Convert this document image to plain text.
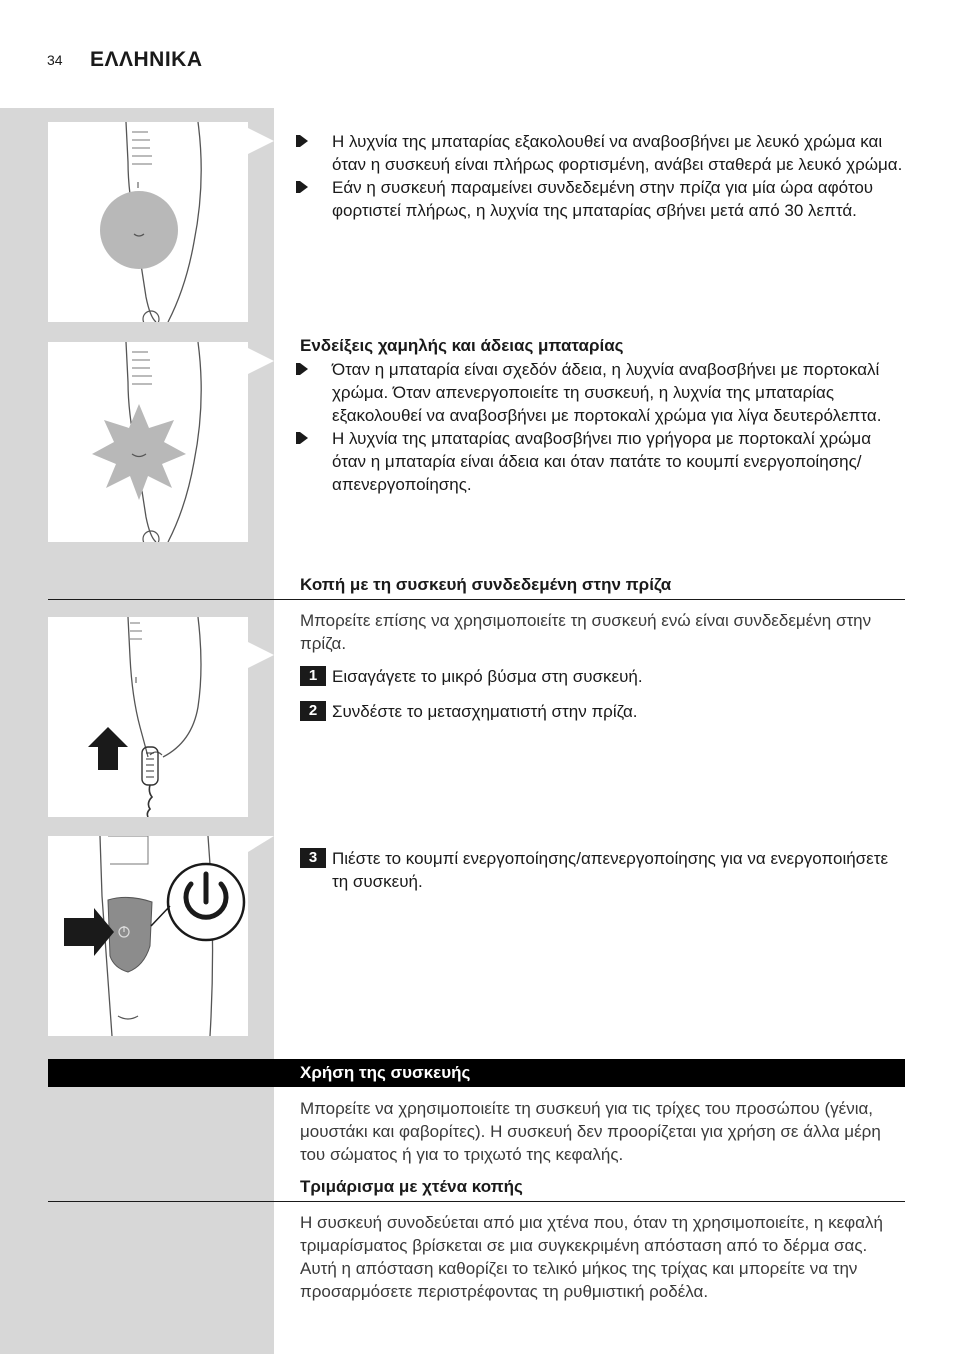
34 ΕΛΛΗΝΙΚΑ
Η λυχνία της μπαταρίας εξακολουθεί να αναβοσβήνει με λευκό χρώμα και όταν η συσκευή είναι πλήρως φορτισμένη, ανάβει σταθερά με λευκό χρώμα.
Εάν η συσκευή παραμείνει συνδεδεμένη στην πρίζα για μία ώρα αφότου φορτιστεί πλήρως, η λυχνία της μπαταρίας σβήνει μετά από 30 λεπτά.
Ενδείξεις χαμηλής και άδειας μπαταρίας
Όταν η μπαταρία είναι σχεδόν άδεια, η λυχνία αναβοσβήνει με πορτοκαλί χρώμα. Όταν απενεργοποιείτε τη συσκευή, η λυχνία της μπαταρίας εξακολουθεί να αναβοσβήνει με πορτοκαλί χρώμα για λίγα δευτερόλεπτα.
Η λυχνία της μπαταρίας αναβοσβήνει πιο γρήγορα με πορτοκαλί χρώμα όταν η μπαταρία είναι άδεια και όταν πατάτε το κουμπί ενεργοποίησης/απενεργοποίησης.
Κοπή με τη συσκευή συνδεδεμένη στην πρίζα
Μπορείτε επίσης να χρησιμοποιείτε τη συσκευή ενώ είναι συνδεδεμένη στην πρίζα.
1 Εισαγάγετε το μικρό βύσμα στη συσκευή.
2 Συνδέστε το μετασχηματιστή στην πρίζα.
3 Πιέστε το κουμπί ενεργοποίησης/απενεργοποίησης για να ενεργοποιήσετε τη συσκευή.
Χρήση της συσκευής
Μπορείτε να χρησιμοποιείτε τη συσκευή για τις τρίχες του προσώπου (γένια, μουστάκι και φαβορίτες). Η συσκευή δεν προορίζεται για χρήση σε άλλα μέρη του σώματος ή για το τριχωτό της κεφαλής.
Τριμάρισμα με χτένα κοπής
Η συσκευή συνοδεύεται από μια χτένα που, όταν τη χρησιμοποιείτε, η κεφαλή τριμαρίσματος βρίσκεται σε μια συγκεκριμένη απόσταση από το δέρμα σας. Αυτή η απόσταση καθορίζει το τελικό μήκος της τρίχας και μπορείτε να την προσαρμόσετε περιστρέφοντας τη ρυθμιστική ροδέλα.
